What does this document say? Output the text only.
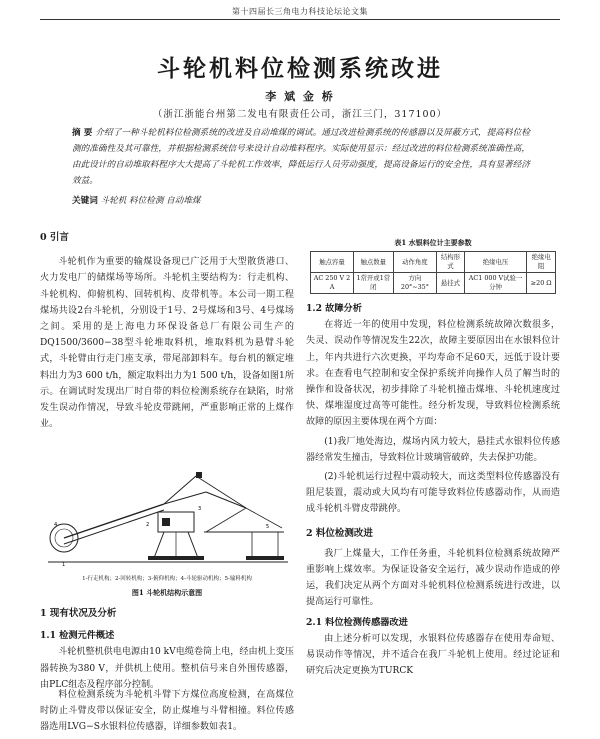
第十四届长三角电力科技论坛论文集
斗轮机料位检测系统改进
李 斌 金 桥
（浙江浙能台州第二发电有限责任公司，浙江三门，317100）
摘 要 介绍了一种斗轮机料位检测系统的改进及自动堆煤的调试。通过改进检测系统的传感器以及屏蔽方式，提高料位检测的准确性及其可靠性，并根据检测系统信号来设计自动堆料程序。实际使用显示：经过改进的料位检测系统准确性高，由此设计的自动堆取料程序大大提高了斗轮机工作效率，降低运行人员劳动强度，提高设备运行的安全性，具有显著经济效益。
关键词 斗轮机 料位检测 自动堆煤
0 引言

斗轮机作为重要的输煤设备现已广泛用于大型散货港口、火力发电厂的储煤场等场所。斗轮机主要结构为：行走机构、斗轮机构、仰俯机构、回转机构、皮带机等。本公司一期工程煤场共设2台斗轮机，分别设于1号、2号煤场和3号、4号煤场之间。采用的是上海电力环保设备总厂有限公司生产的DQ1500/3600−38型斗轮堆取料机，堆取料机为悬臂斗轮式，斗轮臂由行走门座支承，带尾部卸料车。每台机的额定堆料出力为3 600 t/h，额定取料出力为1 500 t/h，设备如图1所示。在调试时发现出厂时自带的料位检测系统存在缺陷，时常发生误动作情况，导致斗轮皮带跳闸，严重影响正常的上煤作业。

1
2
3
4	5
1-行走机构；2-回转机构；3-俯仰机构；4-斗轮驱动机构；5-输料机构
图1 斗轮机结构示意图
1 现有状况及分析
1.1 检测元件概述

斗轮机整机供电电源由10 kV电缆卷筒上电，经由机上变压器转换为380 V，并供机上使用。整机信号来自外围传感器，由PLC组态及程序部分控制。

料位检测系统为斗轮机斗臂下方煤位高度检测，在高煤位时防止斗臂皮带以保证安全，防止煤堆与斗臂相撞。料位传感器选用LVG−S水银料位传感器，详细参数如表1。

表1 水银料位计主要参数
触点容量	触点数量	动作角度	结构形式	绝缘电压	绝缘电阻
AC 250 V 2 A	1常开或1常闭	方向20°~35°	悬挂式	AC1 000 V试验一分钟	≥20 Ω
1.2 故障分析

在将近一年的使用中发现，料位检测系统故障次数很多，失灵、误动作等情况发生22次，故障主要原因出在水银料位计上，年内共进行六次更换，平均寿命不足60天，远低于设计要求。在查看电气控制和安全保护系统并向操作人员了解当时的操作和设备状况，初步排除了斗轮机撞击煤堆、斗轮机速度过快、煤堆湿度过高等可能性。经分析发现，导致料位检测系统故障的原因主要体现在两个方面：

(1)我厂地处海边，煤场内风力较大，悬挂式水银料位传感器经常发生撞击，导致料位计玻璃管破碎，失去保护功能。

(2)斗轮机运行过程中震动较大，而这类型料位传感器没有阻尼装置，震动或大风均有可能导致料位传感器动作，从而造成斗轮机斗臂皮带跳停。

2 料位检测改进

我厂上煤量大，工作任务重，斗轮机料位检测系统故障严重影响上煤效率。为保证设备安全运行，减少误动作造成的停运，我们决定从两个方面对斗轮机料位检测系统进行改进，以提高运行可靠性。

2.1 料位检测传感器改进

由上述分析可以发现，水银料位传感器存在使用寿命短、易误动作等情况，并不适合在我厂斗轮机上使用。经过论证和研究后决定更换为TURCK
